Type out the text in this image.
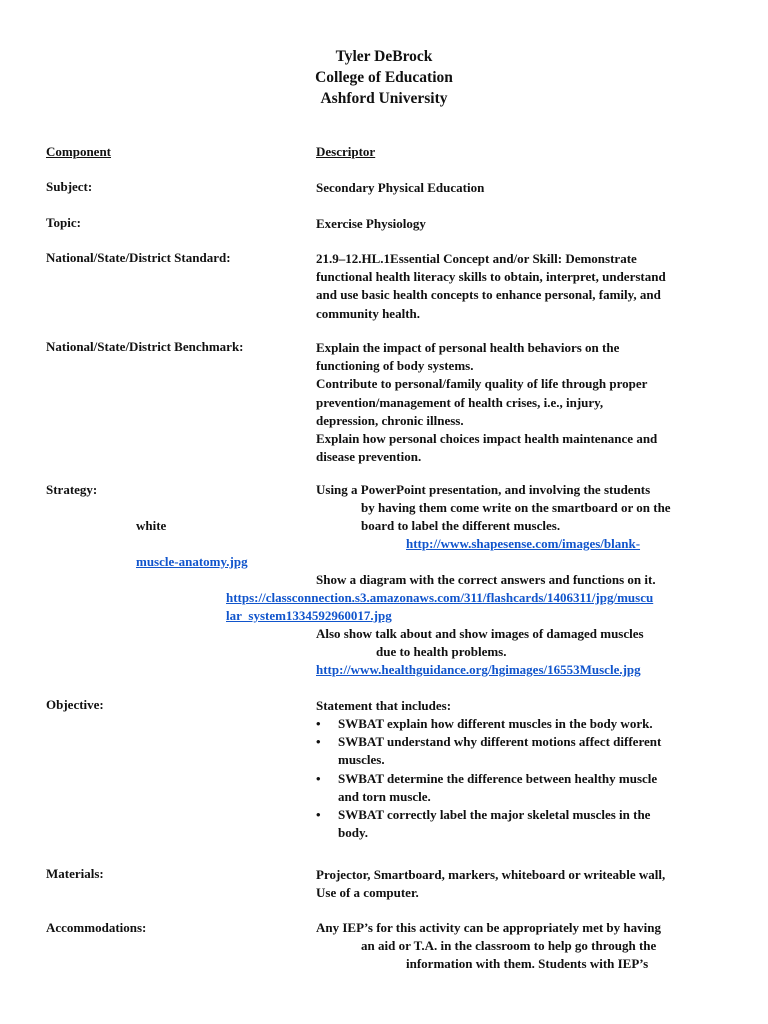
Tyler DeBrock
College of Education
Ashford University
Component	Descriptor
Subject:	Secondary Physical Education
Topic:	Exercise Physiology
National/State/District Standard:	21.9–12.HL.1Essential Concept and/or Skill: Demonstrate
functional health literacy skills to obtain, interpret, understand
and use basic health concepts to enhance personal, family, and
community health.
National/State/District Benchmark:	Explain the impact of personal health behaviors on the
functioning of body systems.
Contribute to personal/family quality of life through proper
prevention/management of health crises, i.e., injury,
depression, chronic illness.
Explain how personal choices impact health maintenance and
disease prevention.
Strategy:	Using a PowerPoint presentation, and involving the students
by having them come write on the smartboard or on the
white	board to label the different muscles.
http://www.shapesense.com/images/blank-
muscle-anatomy.jpg
Show a diagram with the correct answers and functions on it.
https://classconnection.s3.amazonaws.com/311/flashcards/1406311/jpg/muscu
lar_system1334592960017.jpg
Also show talk about and show images of damaged muscles
due to health problems.
http://www.healthguidance.org/hgimages/16553Muscle.jpg
Objective:	Statement that includes:
• SWBAT explain how different muscles in the body work.
• SWBAT understand why different motions affect different
muscles.
• SWBAT determine the difference between healthy muscle
and torn muscle.
• SWBAT correctly label the major skeletal muscles in the
body.
Materials:	Projector, Smartboard, markers, whiteboard or writeable wall,
Use of a computer.
Accommodations:	Any IEP’s for this activity can be appropriately met by having
an aid or T.A. in the classroom to help go through the
information with them. Students with IEP’s
